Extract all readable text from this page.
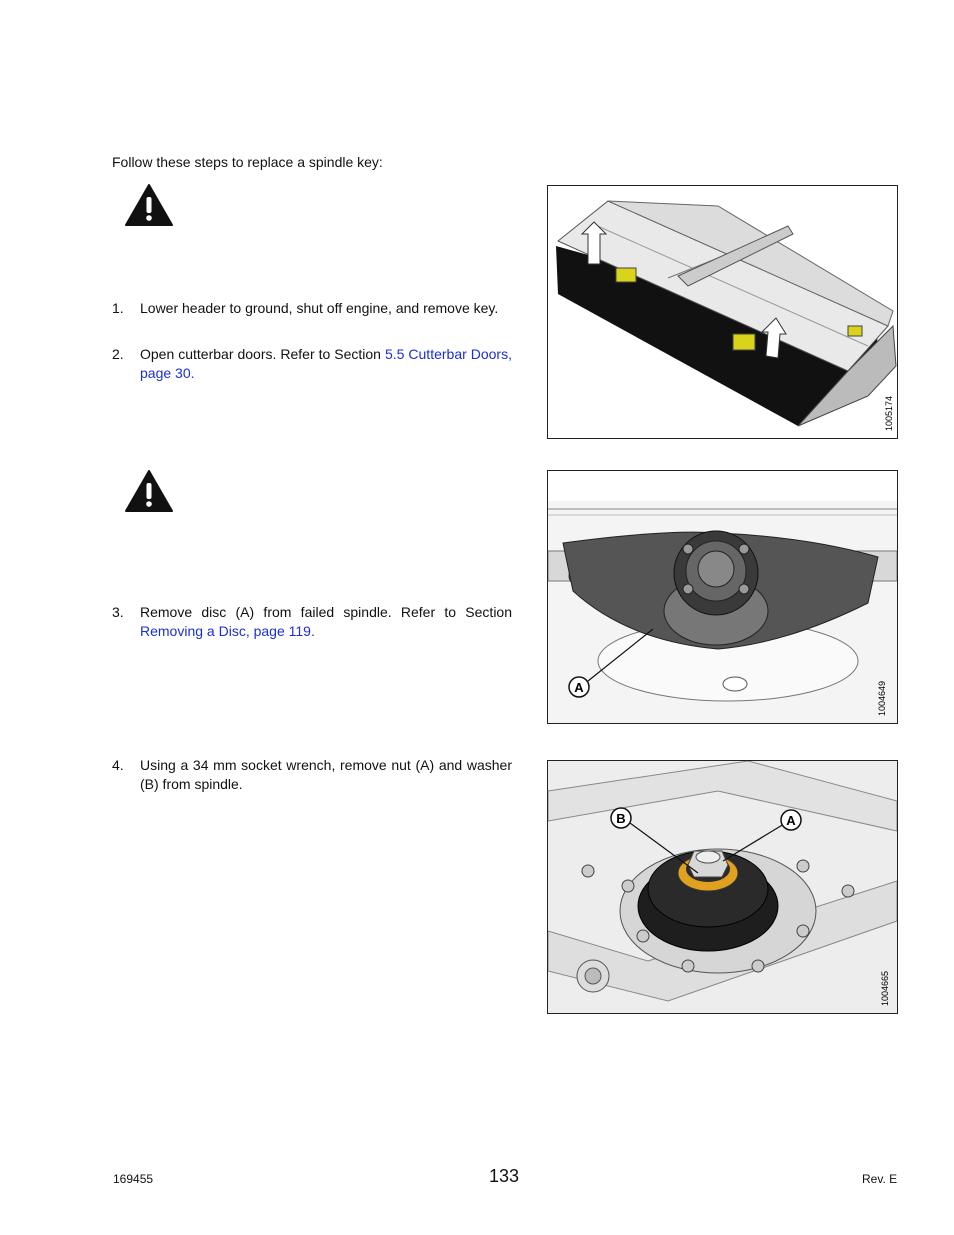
Follow these steps to replace a spindle key:
1. Lower header to ground, shut off engine, and remove key.
2. Open cutterbar doors. Refer to Section 5.5 Cutterbar Doors, page 30.
3. Remove disc (A) from failed spindle. Refer to Section Removing a Disc, page 119.
4. Using a 34 mm socket wrench, remove nut (A) and washer (B) from spindle.
1005174
A	1004649
B	A
1004665
169455	133	Rev. E
